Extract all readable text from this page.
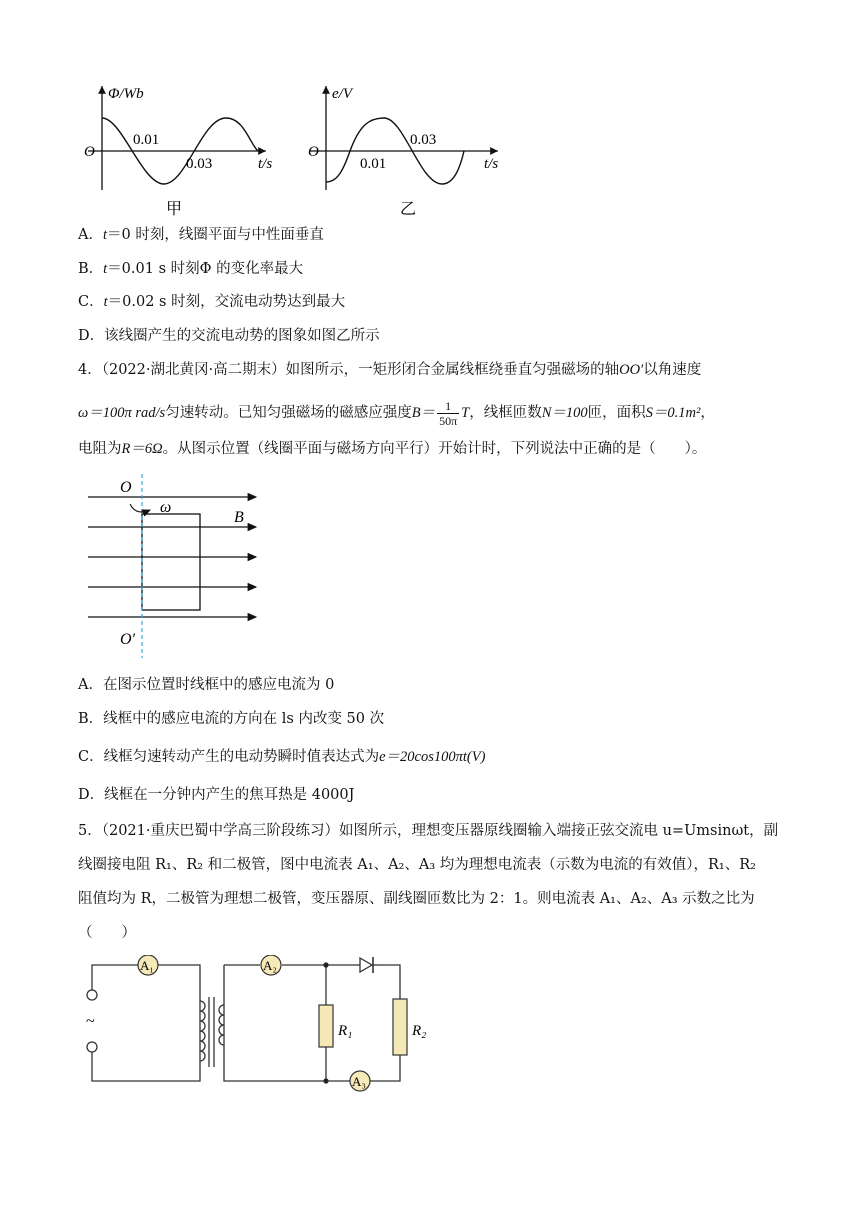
Φ/Wb
O
0.01
0.03	t/s
甲
e/V
O
0.01
0.03
t/s
乙
A．t＝0 时刻，线圈平面与中性面垂直
B．t＝0.01 s 时刻Φ 的变化率最大
C．t＝0.02 s 时刻，交流电动势达到最大
D．该线圈产生的交流电动势的图象如图乙所示
4．（2022·湖北黄冈·高二期末）如图所示，一矩形闭合金属线框绕垂直匀强磁场的轴OO′以角速度
ω＝100π rad/s匀速转动。已知匀强磁场的磁感应强度$B= \frac{1}{50\pi}$ T，线框匝数N＝100匝，面积S＝0.1m²，
电阻为R＝6Ω。从图示位置（线圈平面与磁场方向平行）开始计时，下列说法中正确的是（　　）。
O
ω
B
O′
A．在图示位置时线框中的感应电流为 0
B．线框中的感应电流的方向在 ls 内改变 50 次
C．线框匀速转动产生的电动势瞬时值表达式为e＝20cos100πt(V)
D．线框在一分钟内产生的焦耳热是 4000J
5．（2021·重庆巴蜀中学高三阶段练习）如图所示，理想变压器原线圈输入端接正弦交流电 u=Umsinωt，副
线圈接电阻 R₁、R₂ 和二极管，图中电流表 A₁、A₂、A₃ 均为理想电流表（示数为电流的有效值），R₁、R₂
阻值均为 R，二极管为理想二极管，变压器原、副线圈匝数比为 2：1。则电流表 A₁、A₂、A₃ 示数之比为
（　　）
~
A₁	A₂
A₃
R₁	R₂
